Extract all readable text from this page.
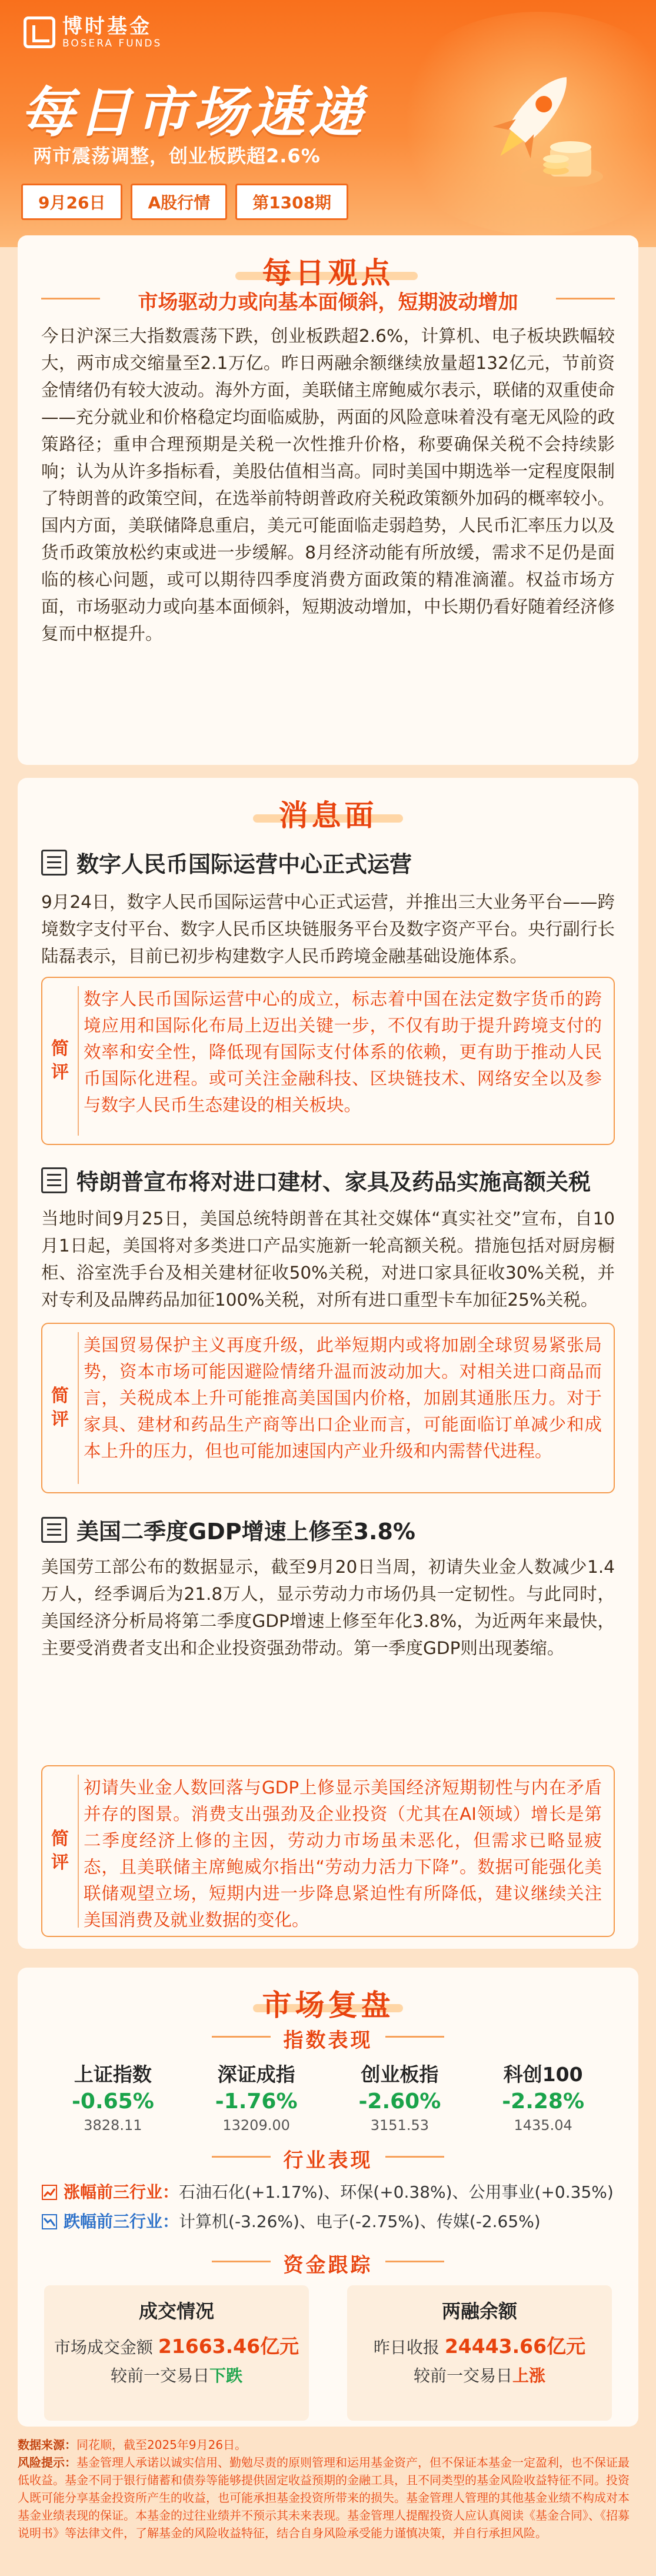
博时基金
BOSERA FUNDS
每日市场速递
两市震荡调整，创业板跌超2.6%
9月26日	A股行情	第1308期
每日观点
市场驱动力或向基本面倾斜，短期波动增加
今日沪深三大指数震荡下跌，创业板跌超2.6%，计算机、电子板块跌幅较大，两市成交缩量至2.1万亿。昨日两融余额继续放量超132亿元，节前资金情绪仍有较大波动。海外方面，美联储主席鲍威尔表示，联储的双重使命——充分就业和价格稳定均面临威胁，两面的风险意味着没有毫无风险的政策路径；重申合理预期是关税一次性推升价格，称要确保关税不会持续影响；认为从许多指标看，美股估值相当高。同时美国中期选举一定程度限制了特朗普的政策空间，在选举前特朗普政府关税政策额外加码的概率较小。国内方面，美联储降息重启，美元可能面临走弱趋势，人民币汇率压力以及货币政策放松约束或进一步缓解。8月经济动能有所放缓，需求不足仍是面临的核心问题，或可以期待四季度消费方面政策的精准滴灌。权益市场方面，市场驱动力或向基本面倾斜，短期波动增加，中长期仍看好随着经济修复而中枢提升。
消息面
数字人民币国际运营中心正式运营
9月24日，数字人民币国际运营中心正式运营，并推出三大业务平台——跨境数字支付平台、数字人民币区块链服务平台及数字资产平台。央行副行长陆磊表示，目前已初步构建数字人民币跨境金融基础设施体系。
简
评
数字人民币国际运营中心的成立，标志着中国在法定数字货币的跨境应用和国际化布局上迈出关键一步，不仅有助于提升跨境支付的效率和安全性，降低现有国际支付体系的依赖，更有助于推动人民币国际化进程。或可关注金融科技、区块链技术、网络安全以及参与数字人民币生态建设的相关板块。
特朗普宣布将对进口建材、家具及药品实施高额关税
当地时间9月25日，美国总统特朗普在其社交媒体“真实社交”宣布，自10月1日起，美国将对多类进口产品实施新一轮高额关税。措施包括对厨房橱柜、浴室洗手台及相关建材征收50%关税，对进口家具征收30%关税，并对专利及品牌药品加征100%关税，对所有进口重型卡车加征25%关税。
简
评
美国贸易保护主义再度升级，此举短期内或将加剧全球贸易紧张局势，资本市场可能因避险情绪升温而波动加大。对相关进口商品而言，关税成本上升可能推高美国国内价格，加剧其通胀压力。对于家具、建材和药品生产商等出口企业而言，可能面临订单减少和成本上升的压力，但也可能加速国内产业升级和内需替代进程。
美国二季度GDP增速上修至3.8%
美国劳工部公布的数据显示，截至9月20日当周，初请失业金人数减少1.4万人，经季调后为21.8万人，显示劳动力市场仍具一定韧性。与此同时，美国经济分析局将第二季度GDP增速上修至年化3.8%，为近两年来最快，主要受消费者支出和企业投资强劲带动。第一季度GDP则出现萎缩。
简
评
初请失业金人数回落与GDP上修显示美国经济短期韧性与内在矛盾并存的图景。消费支出强劲及企业投资（尤其在AI领域）增长是第二季度经济上修的主因，劳动力市场虽未恶化，但需求已略显疲态，且美联储主席鲍威尔指出“劳动力活力下降”。数据可能强化美联储观望立场，短期内进一步降息紧迫性有所降低，建议继续关注美国消费及就业数据的变化。
市场复盘
指数表现
上证指数
-0.65%
3828.11
深证成指
-1.76%
13209.00
创业板指
-2.60%
3151.53
科创100
-2.28%
1435.04
行业表现
涨幅前三行业： 石油石化(+1.17%)、环保(+0.38%)、公用事业(+0.35%)
跌幅前三行业： 计算机(-3.26%)、电子(-2.75%)、传媒(-2.65%)
资金跟踪
成交情况
市场成交金额 21663.46亿元
较前一交易日下跌
两融余额
昨日收报 24443.66亿元
较前一交易日上涨
数据来源：同花顺，截至2025年9月26日。
风险提示：基金管理人承诺以诚实信用、勤勉尽责的原则管理和运用基金资产，但不保证本基金一定盈利，也不保证最低收益。基金不同于银行储蓄和债券等能够提供固定收益预期的金融工具，且不同类型的基金风险收益特征不同。投资人既可能分享基金投资所产生的收益，也可能承担基金投资所带来的损失。基金管理人管理的其他基金业绩不构成对本基金业绩表现的保证。本基金的过往业绩并不预示其未来表现。基金管理人提醒投资人应认真阅读《基金合同》、《招募说明书》等法律文件，了解基金的风险收益特征，结合自身风险承受能力谨慎决策，并自行承担风险。
